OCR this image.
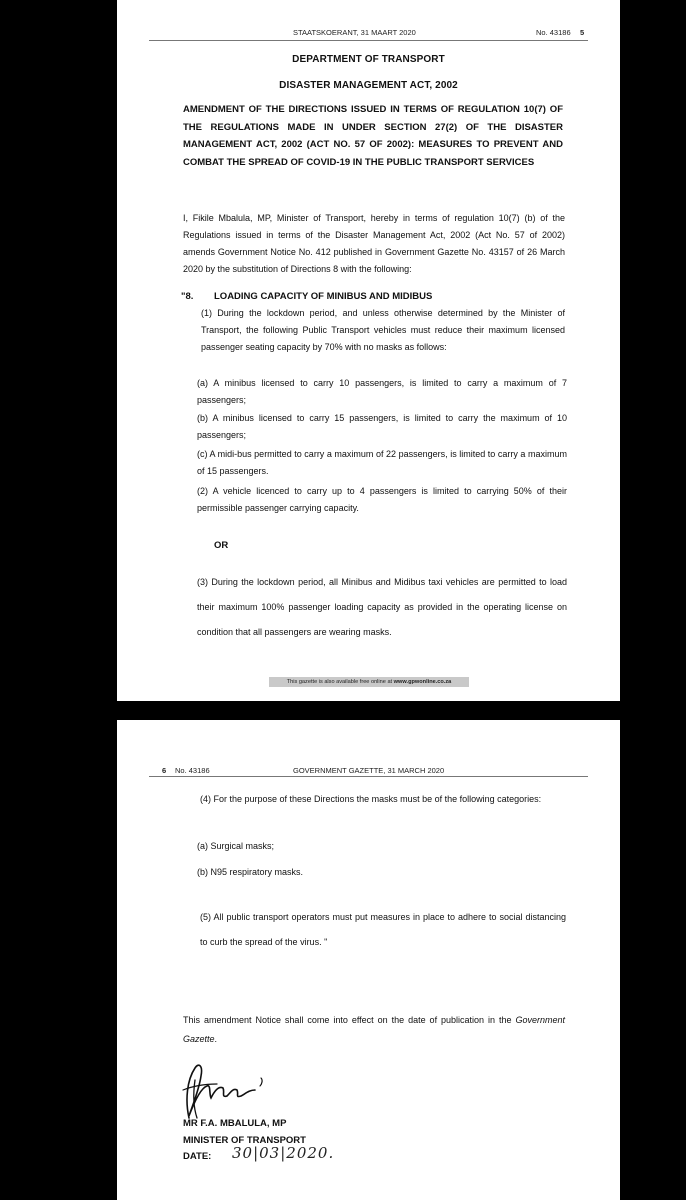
STAATSKOERANT, 31 MAART 2020	No. 43186 5
DEPARTMENT OF TRANSPORT
DISASTER MANAGEMENT ACT, 2002
AMENDMENT OF THE DIRECTIONS ISSUED IN TERMS OF REGULATION 10(7) OF THE REGULATIONS MADE IN UNDER SECTION 27(2) OF THE DISASTER MANAGEMENT ACT, 2002 (ACT NO. 57 OF 2002): MEASURES TO PREVENT AND COMBAT THE SPREAD OF COVID-19 IN THE PUBLIC TRANSPORT SERVICES
I, Fikile Mbalula, MP, Minister of Transport, hereby in terms of regulation 10(7) (b) of the Regulations issued in terms of the Disaster Management Act, 2002 (Act No. 57 of 2002) amends Government Notice No. 412 published in Government Gazette No. 43157 of 26 March 2020 by the substitution of Directions 8 with the following:
"8. LOADING CAPACITY OF MINIBUS AND MIDIBUS
(1) During the lockdown period, and unless otherwise determined by the Minister of Transport, the following Public Transport vehicles must reduce their maximum licensed passenger seating capacity by 70% with no masks as follows:
(a) A minibus licensed to carry 10 passengers, is limited to carry a maximum of 7 passengers;
(b) A minibus licensed to carry 15 passengers, is limited to carry the maximum of 10 passengers;
(c) A midi-bus permitted to carry a maximum of 22 passengers, is limited to carry a maximum of 15 passengers.
(2) A vehicle licenced to carry up to 4 passengers is limited to carrying 50% of their permissible passenger carrying capacity.
OR
(3) During the lockdown period, all Minibus and Midibus taxi vehicles are permitted to load their maximum 100% passenger loading capacity as provided in the operating license on condition that all passengers are wearing masks.
This gazette is also available free online at www.gpwonline.co.za
6 No. 43186	GOVERNMENT GAZETTE, 31 MARCH 2020
(4) For the purpose of these Directions the masks must be of the following categories:
(a) Surgical masks;
(b) N95 respiratory masks.
(5) All public transport operators must put measures in place to adhere to social distancing to curb the spread of the virus. "
This amendment Notice shall come into effect on the date of publication in the Government Gazette.
MR F.A. MBALULA, MP
MINISTER OF TRANSPORT
DATE: 30|03|2020.
